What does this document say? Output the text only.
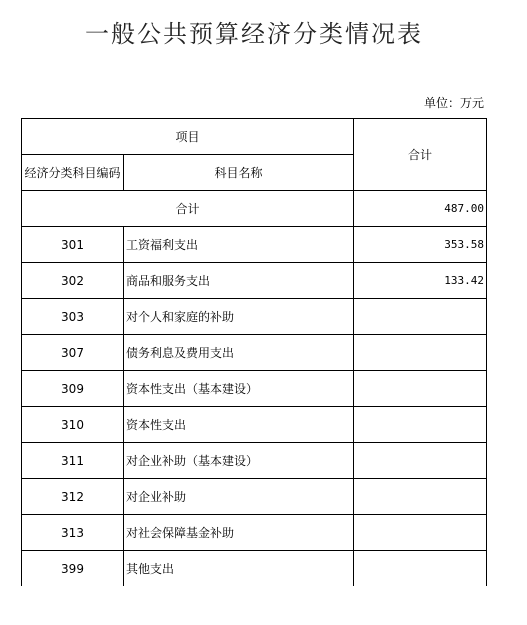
一般公共预算经济分类情况表
单位：万元
项目		合计
经济分类科目编码	科目名称	
合计		487.00
301	工资福利支出	353.58
302	商品和服务支出	133.42
303	对个人和家庭的补助	
307	债务利息及费用支出	
309	资本性支出（基本建设）	
310	资本性支出	
311	对企业补助（基本建设）	
312	对企业补助	
313	对社会保障基金补助	
399	其他支出	
